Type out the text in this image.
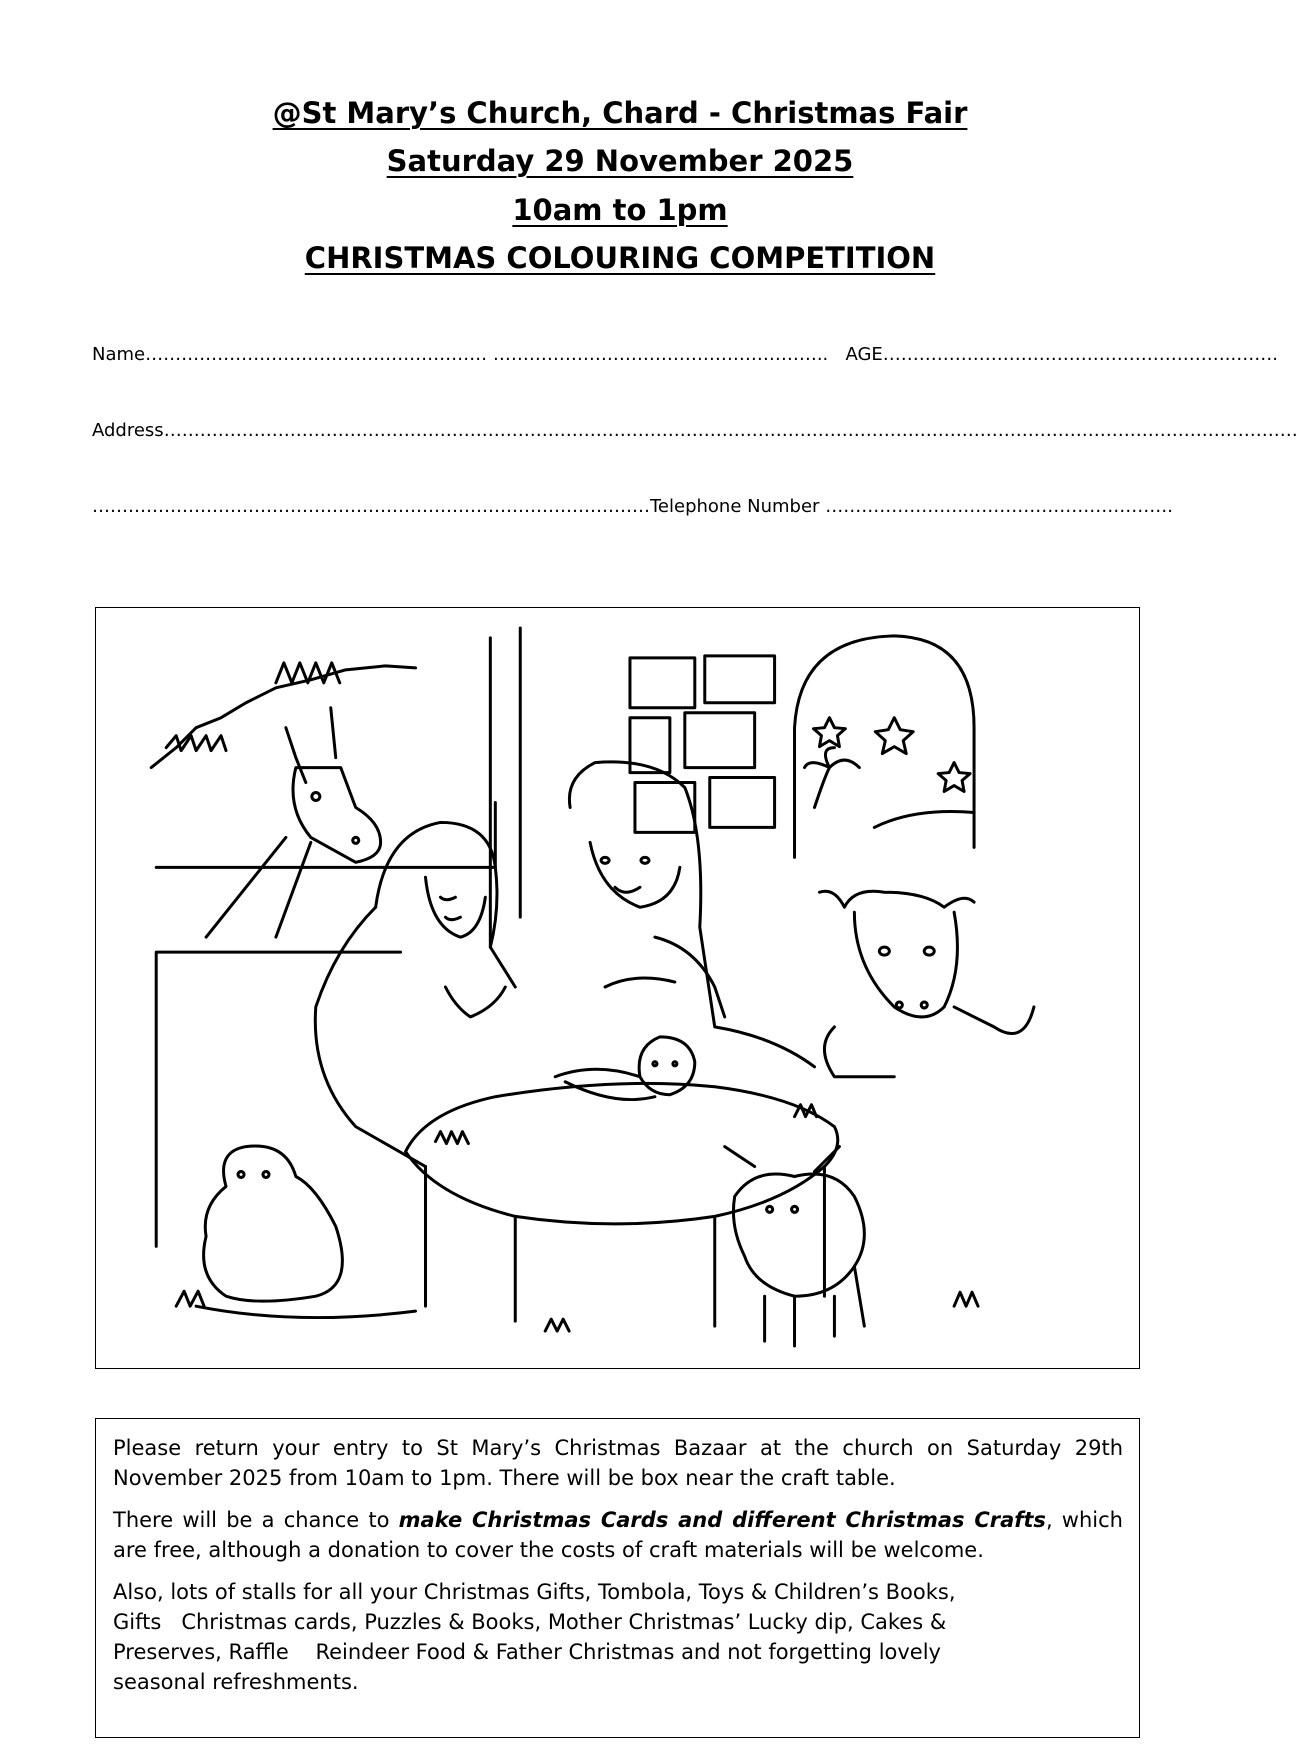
@St Mary’s Church, Chard - Christmas Fair
Saturday 29 November 2025
10am to 1pm
CHRISTMAS COLOURING COMPETITION
Name………………………………………………… ……………………………………………….. AGE…………………………………………………..…….
Address………………………………………………………………………………………………………………………………………………………………………
…………………………………………………………………………………Telephone Number ………………………………………………….

Please return your entry to St Mary’s Christmas Bazaar at the church on Saturday 29th November 2025 from 10am to 1pm. There will be box near the craft table.

There will be a chance to make Christmas Cards and different Christmas Crafts, which are free, although a donation to cover the costs of craft materials will be welcome.

Also, lots of stalls for all your Christmas Gifts, Tombola, Toys & Children’s Books,
Gifts   Christmas cards, Puzzles & Books, Mother Christmas’ Lucky dip, Cakes &
Preserves, Raffle    Reindeer Food & Father Christmas and not forgetting lovely
seasonal refreshments.
